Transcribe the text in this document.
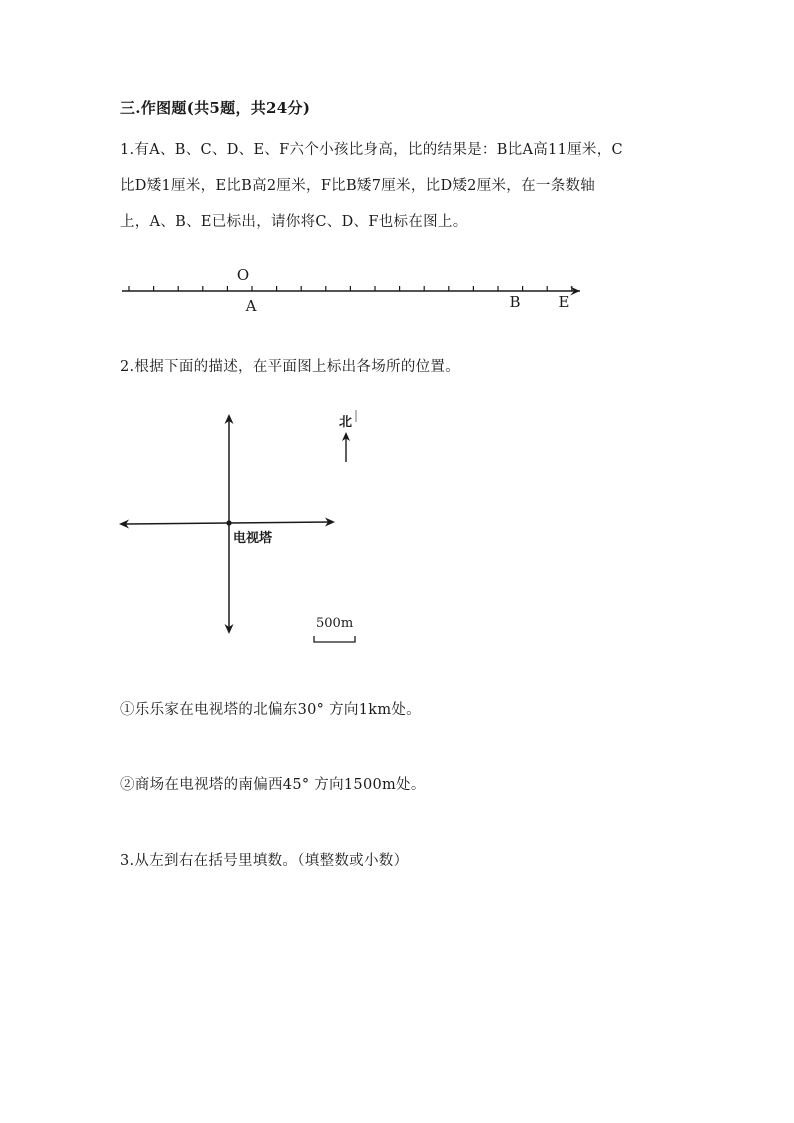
三.作图题(共5题，共24分)
1.有A、B、C、D、E、F六个小孩比身高，比的结果是：B比A高11厘米，C
比D矮1厘米，E比B高2厘米，F比B矮7厘米，比D矮2厘米，在一条数轴
上，A、B、E已标出，请你将C、D、F也标在图上。
O
A	B	E
2.根据下面的描述，在平面图上标出各场所的位置。
电视塔
北
500m
①乐乐家在电视塔的北偏东30° 方向1km处。
②商场在电视塔的南偏西45° 方向1500m处。
3.从左到右在括号里填数。（填整数或小数）
